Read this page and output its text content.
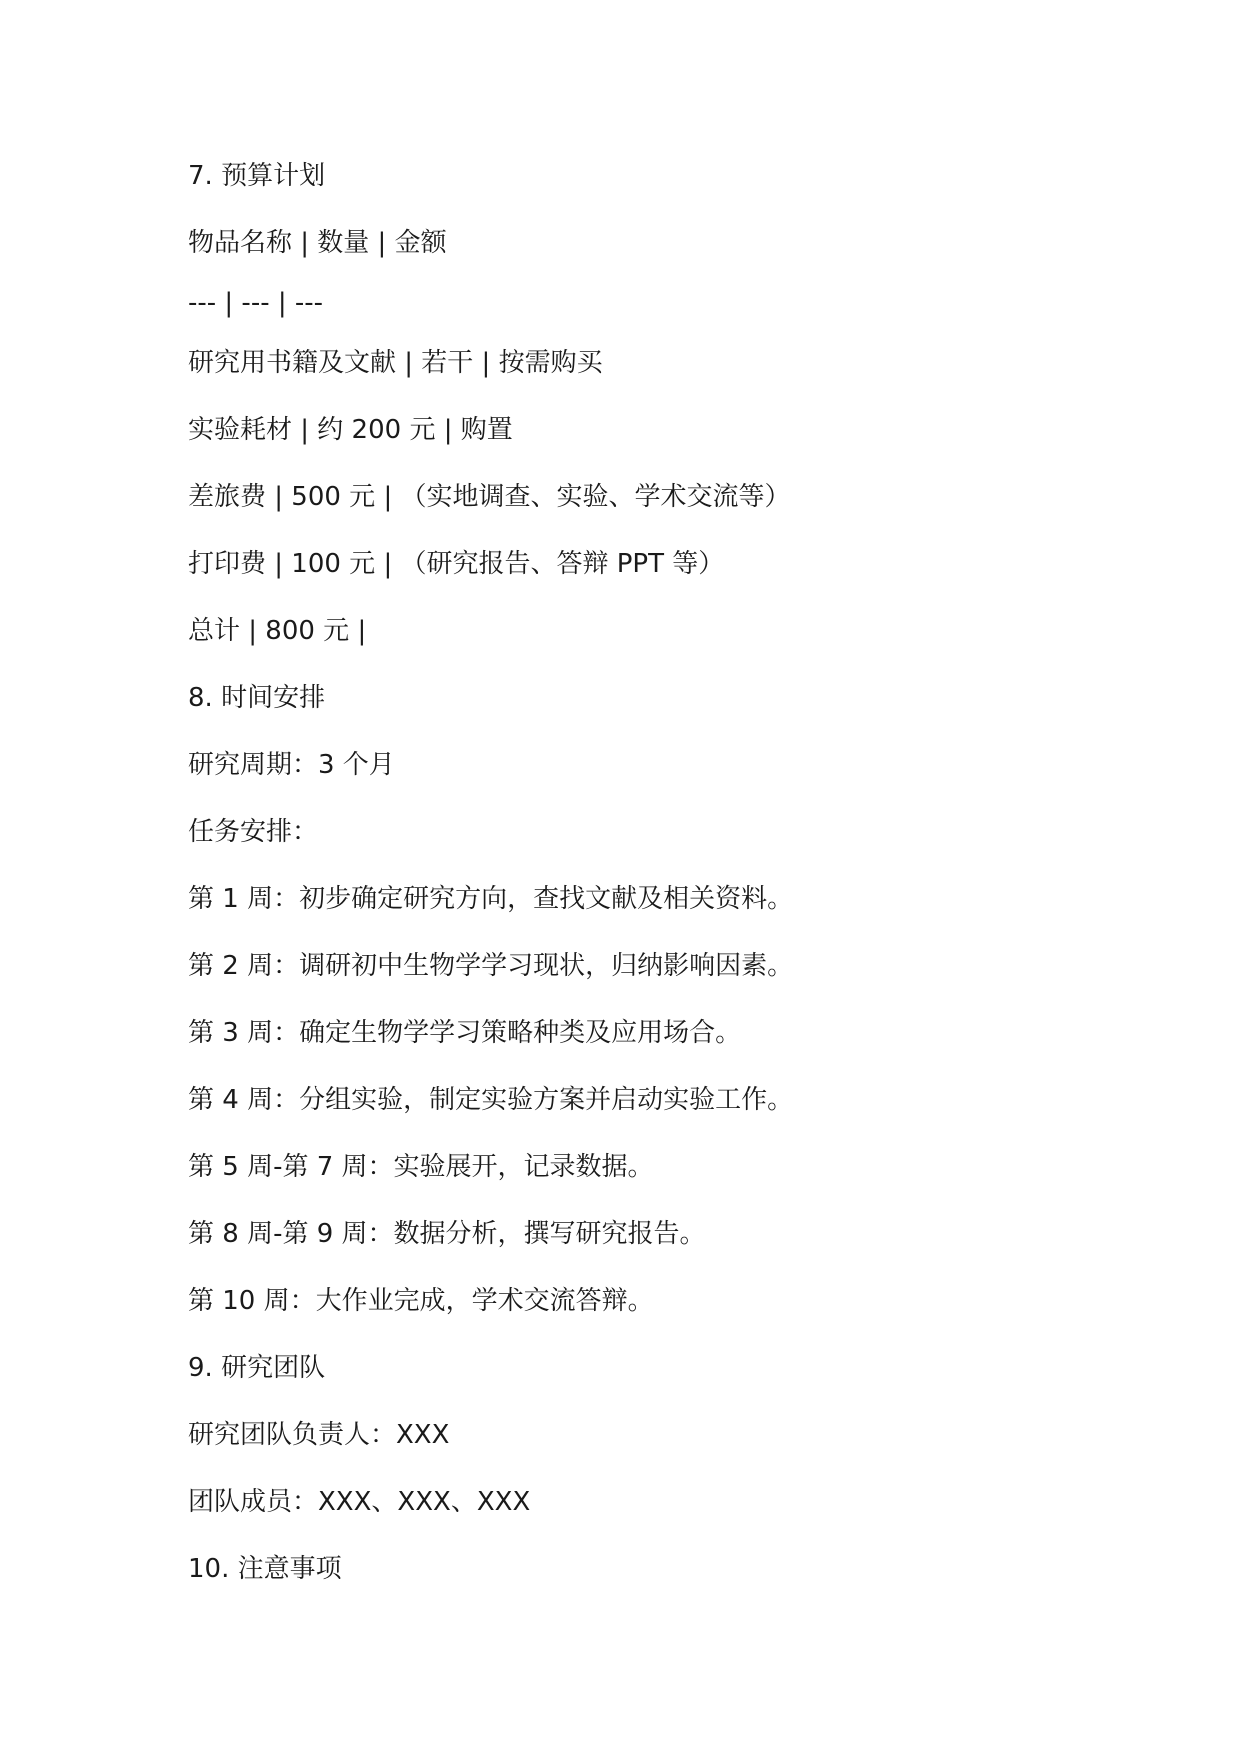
7. 预算计划

物品名称 | 数量 | 金额

--- | --- | ---

研究用书籍及文献 | 若干 | 按需购买

实验耗材 | 约 200 元 | 购置

差旅费 | 500 元 | （实地调查、实验、学术交流等）

打印费 | 100 元 | （研究报告、答辩 PPT 等）

总计 | 800 元 |

8. 时间安排

研究周期：3 个月

任务安排：

第 1 周：初步确定研究方向，查找文献及相关资料。

第 2 周：调研初中生物学学习现状，归纳影响因素。

第 3 周：确定生物学学习策略种类及应用场合。

第 4 周：分组实验，制定实验方案并启动实验工作。

第 5 周-第 7 周：实验展开，记录数据。

第 8 周-第 9 周：数据分析，撰写研究报告。

第 10 周：大作业完成，学术交流答辩。

9. 研究团队

研究团队负责人：XXX

团队成员：XXX、XXX、XXX

10. 注意事项
